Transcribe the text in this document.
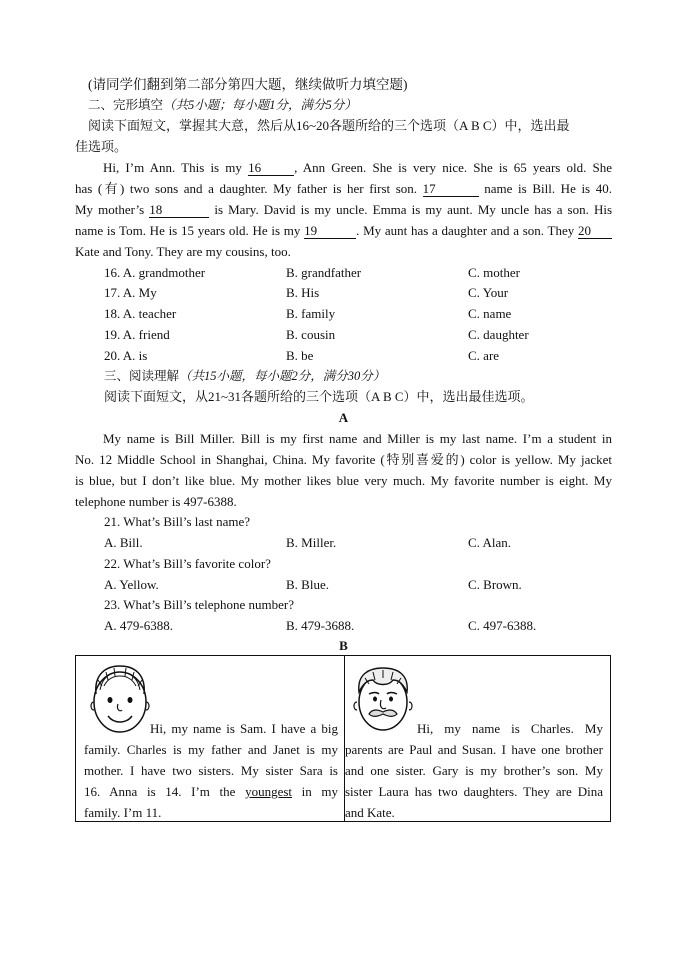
(请同学们翻到第二部分第四大题，继续做听力填空题)
二、完形填空（共5小题；每小题1分，满分5分）
阅读下面短文，掌握其大意，然后从16~20各题所给的三个选项（A B C）中，选出最
佳选项。
Hi, I’m Ann. This is my 16	, Ann Green. She is very nice. She is 65 years old. She
has (有) two sons and a daughter. My father is her first son. 17	name is Bill. He is 40.
My mother’s 18	is Mary. David is my uncle. Emma is my aunt. My uncle has a son. His
name is Tom. He is 15 years old. He is my 19	. My aunt has a daughter and a son. They 20
Kate and Tony. They are my cousins, too.
16. A. grandmother	B. grandfather	C. mother
17. A. My	B. His	C. Your
18. A. teacher	B. family	C. name
19. A. friend	B. cousin	C. daughter
20. A. is	B. be	C. are
三、阅读理解（共15小题，每小题2分，满分30分）
阅读下面短文，从21~31各题所给的三个选项（A B C）中，选出最佳选项。
A
My name is Bill Miller. Bill is my first name and Miller is my last name. I’m a student in
No. 12 Middle School in Shanghai, China. My favorite (特别喜爱的) color is yellow. My jacket
is blue, but I don’t like blue. My mother likes blue very much. My favorite number is eight. My
telephone number is 497-6388.
21. What’s Bill’s last name?
A. Bill.	B. Miller.	C. Alan.
22. What’s Bill’s favorite color?
A. Yellow.	B. Blue.	C. Brown.
23. What’s Bill’s telephone number?
A. 479-6388.	B. 479-3688.	C. 497-6388.
B
Hi, my name is Sam. I have a big
family. Charles is my father and Janet is my
mother. I have two sisters. My sister Sara is
16. Anna is 14. I’m the youngest in my
family. I’m 11.
Hi, my name is Charles. My
parents are Paul and Susan. I have one brother
and one sister. Gary is my brother’s son. My
sister Laura has two daughters. They are Dina
and Kate.
